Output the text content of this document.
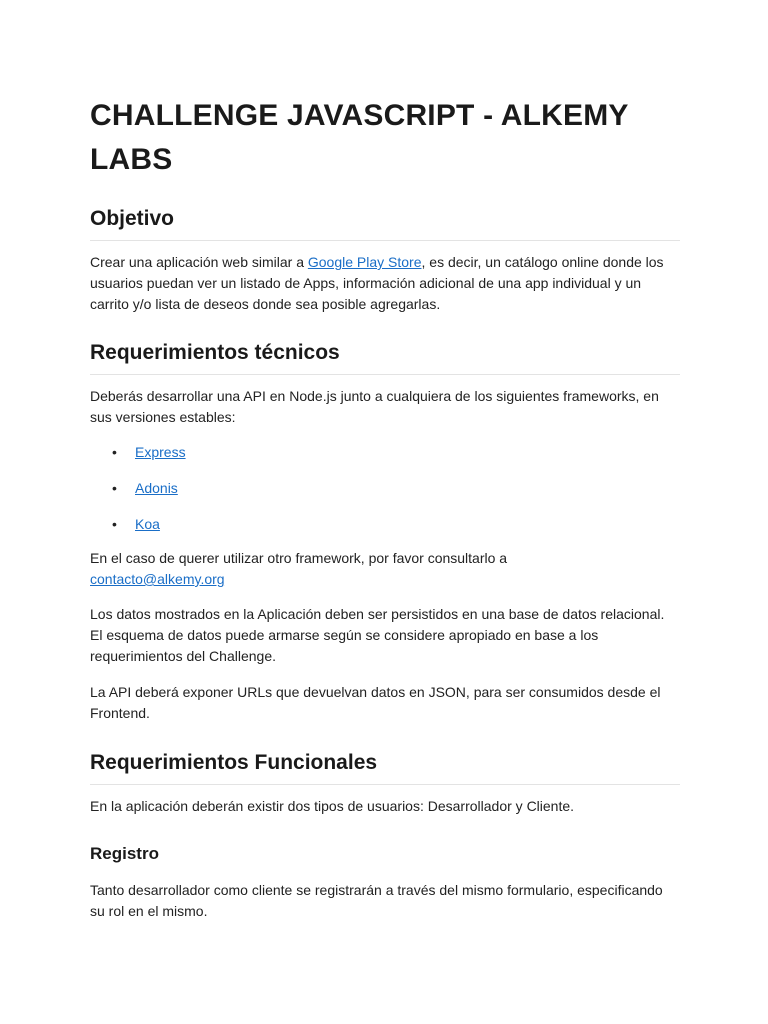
CHALLENGE JAVASCRIPT - ALKEMY LABS
Objetivo

Crear una aplicación web similar a Google Play Store, es decir, un catálogo online donde los usuarios puedan ver un listado de Apps, información adicional de una app individual y un carrito y/o lista de deseos donde sea posible agregarlas.

Requerimientos técnicos

Deberás desarrollar una API en Node.js junto a cualquiera de los siguientes frameworks, en sus versiones estables:

• Express
• Adonis
• Koa

En el caso de querer utilizar otro framework, por favor consultarlo a contacto@alkemy.org

Los datos mostrados en la Aplicación deben ser persistidos en una base de datos relacional. El esquema de datos puede armarse según se considere apropiado en base a los requerimientos del Challenge.

La API deberá exponer URLs que devuelvan datos en JSON, para ser consumidos desde el Frontend.

Requerimientos Funcionales

En la aplicación deberán existir dos tipos de usuarios: Desarrollador y Cliente.

Registro

Tanto desarrollador como cliente se registrarán a través del mismo formulario, especificando su rol en el mismo.
